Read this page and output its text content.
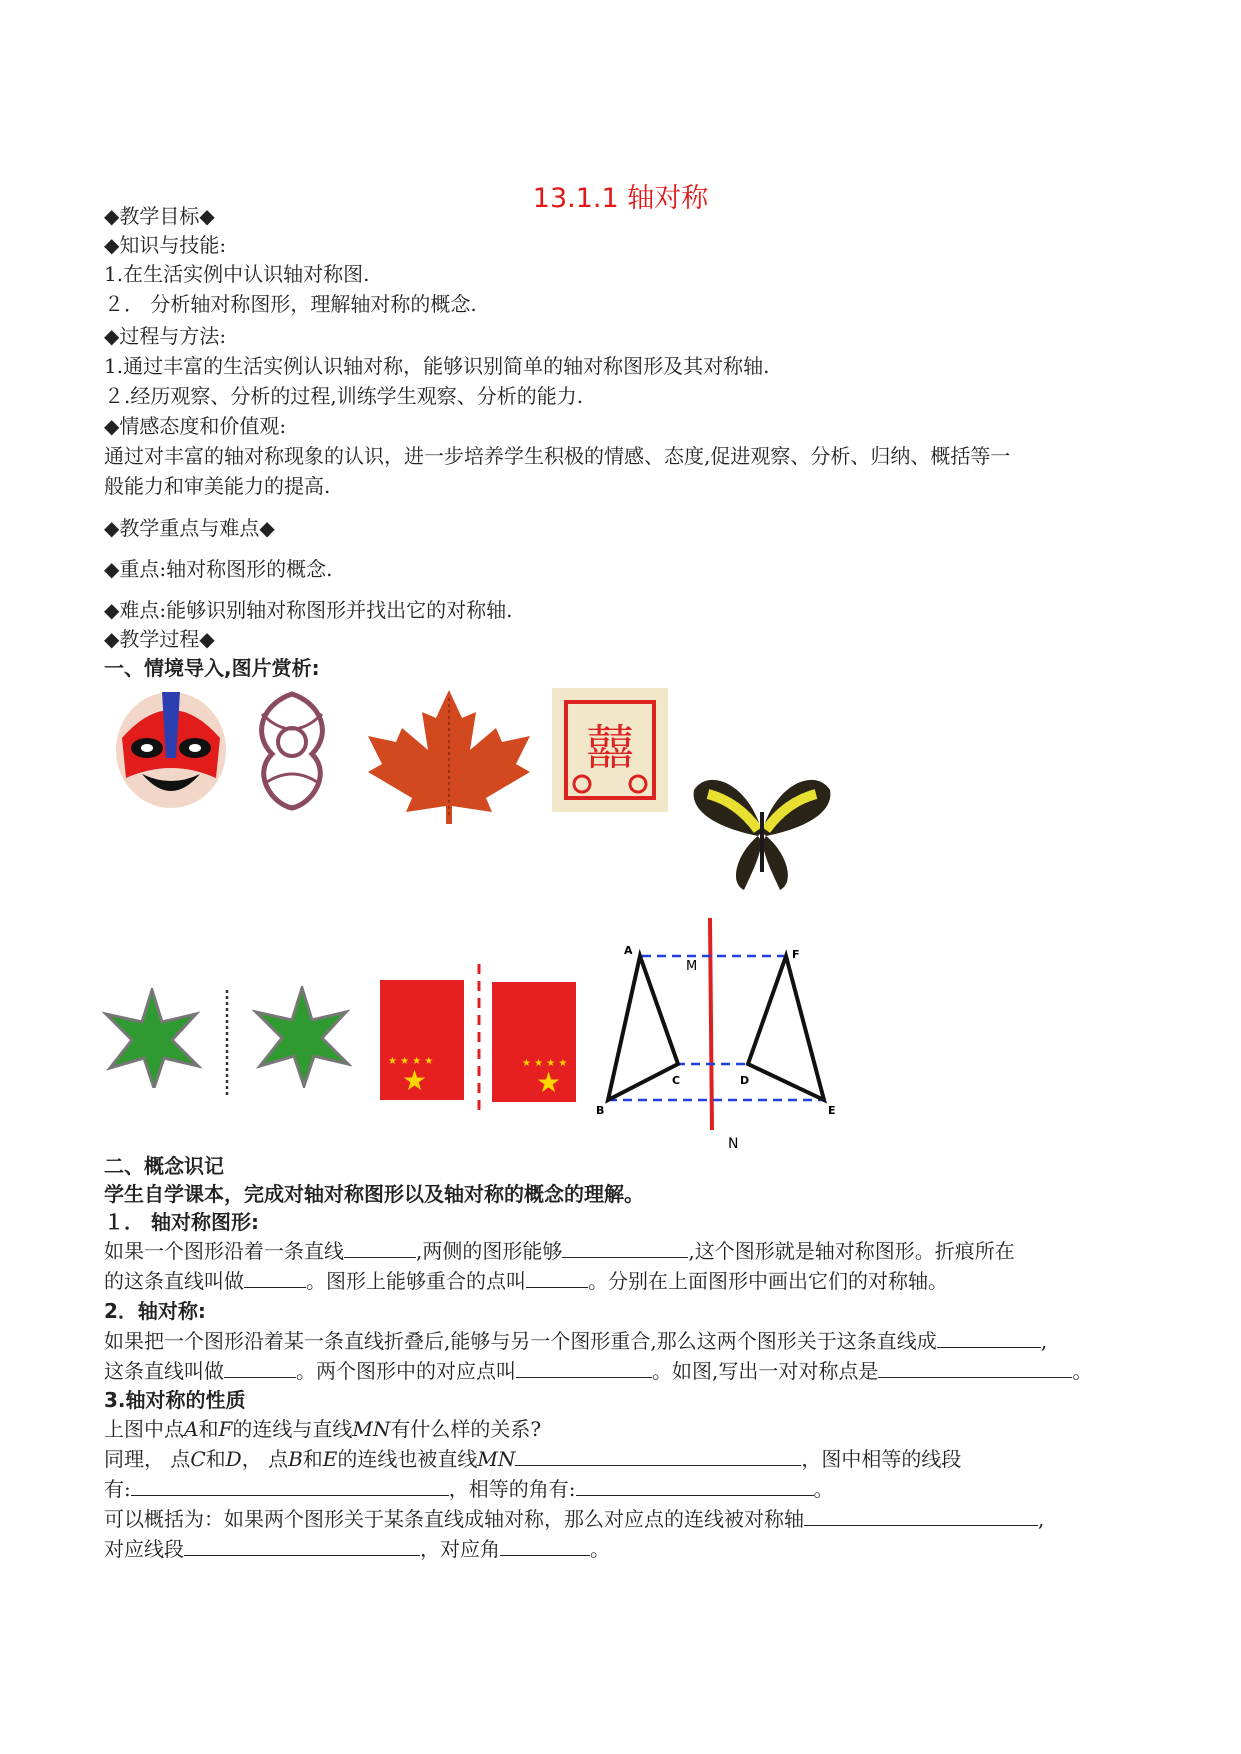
13.1.1 轴对称
◆教学目标◆
◆知识与技能:
1.在生活实例中认识轴对称图.
２． 分析轴对称图形，理解轴对称的概念.
◆过程与方法:
1.通过丰富的生活实例认识轴对称，能够识别简单的轴对称图形及其对称轴.
２.经历观察、分析的过程,训练学生观察、分析的能力.
◆情感态度和价值观:
通过对丰富的轴对称现象的认识，进一步培养学生积极的情感、态度,促进观察、分析、归纳、概括等一
般能力和审美能力的提高.
◆教学重点与难点◆
◆重点:轴对称图形的概念.
◆难点:能够识别轴对称图形并找出它的对称轴.
◆教学过程◆
一、情境导入,图片赏析:
囍
★
★ ★ ★ ★
★
★ ★ ★ ★
A
B
C	D
E
F
M
N
二、概念识记
学生自学课本，完成对轴对称图形以及轴对称的概念的理解。
１． 轴对称图形:
如果一个图形沿着一条直线	,两侧的图形能够	,这个图形就是轴对称图形。折痕所在
的这条直线叫做	。图形上能够重合的点叫	。分别在上面图形中画出它们的对称轴。
2．轴对称:
如果把一个图形沿着某一条直线折叠后,能够与另一个图形重合,那么这两个图形关于这条直线成	,
这条直线叫做	。两个图形中的对应点叫	。如图,写出一对对称点是	。
3.轴对称的性质
上图中点A和F的连线与直线MN有什么样的关系?
同理， 点C和D， 点B和E的连线也被直线MN	，图中相等的线段
有:	，相等的角有:	。
可以概括为：如果两个图形关于某条直线成轴对称，那么对应点的连线被对称轴	,
对应线段	，对应角	。
